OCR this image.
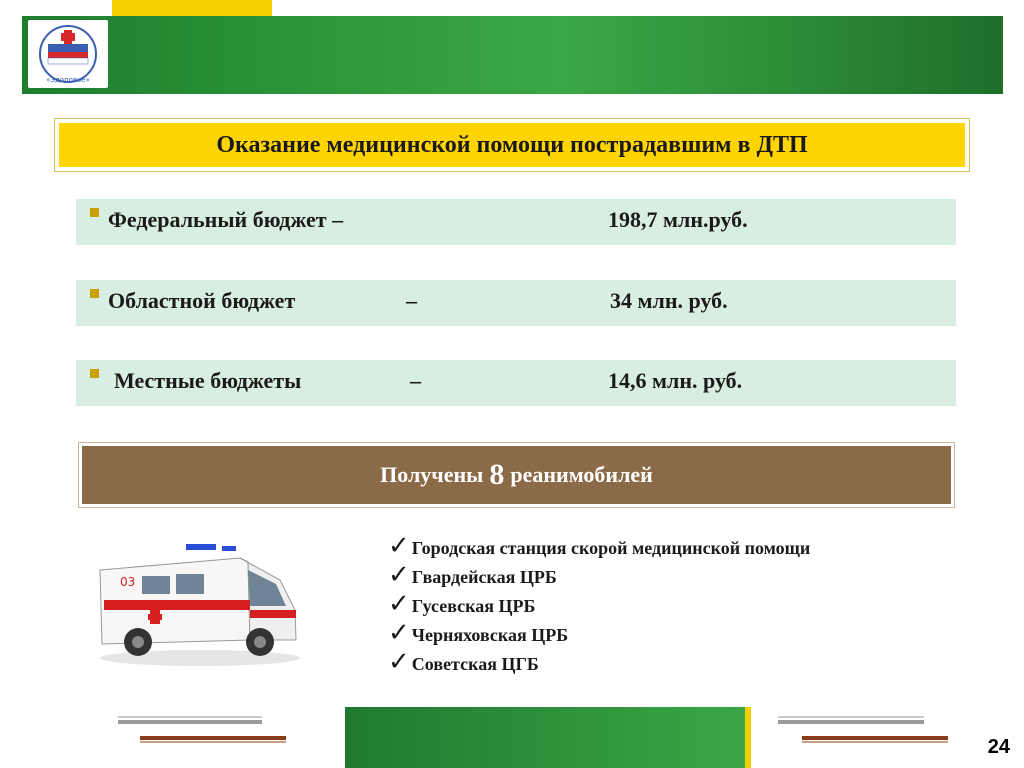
«Здоровье»
Оказание медицинской помощи пострадавшим в ДТП
Федеральный бюджет –	198,7 млн.руб.
Областной бюджет	–	34 млн. руб.
Местные бюджеты	–	14,6 млн. руб.
Получены 8 реанимобилей
03
✓ Городская станция скорой медицинской помощи
✓ Гвардейская ЦРБ
✓ Гусевская ЦРБ
✓ Черняховская ЦРБ
✓ Советская ЦГБ
24
